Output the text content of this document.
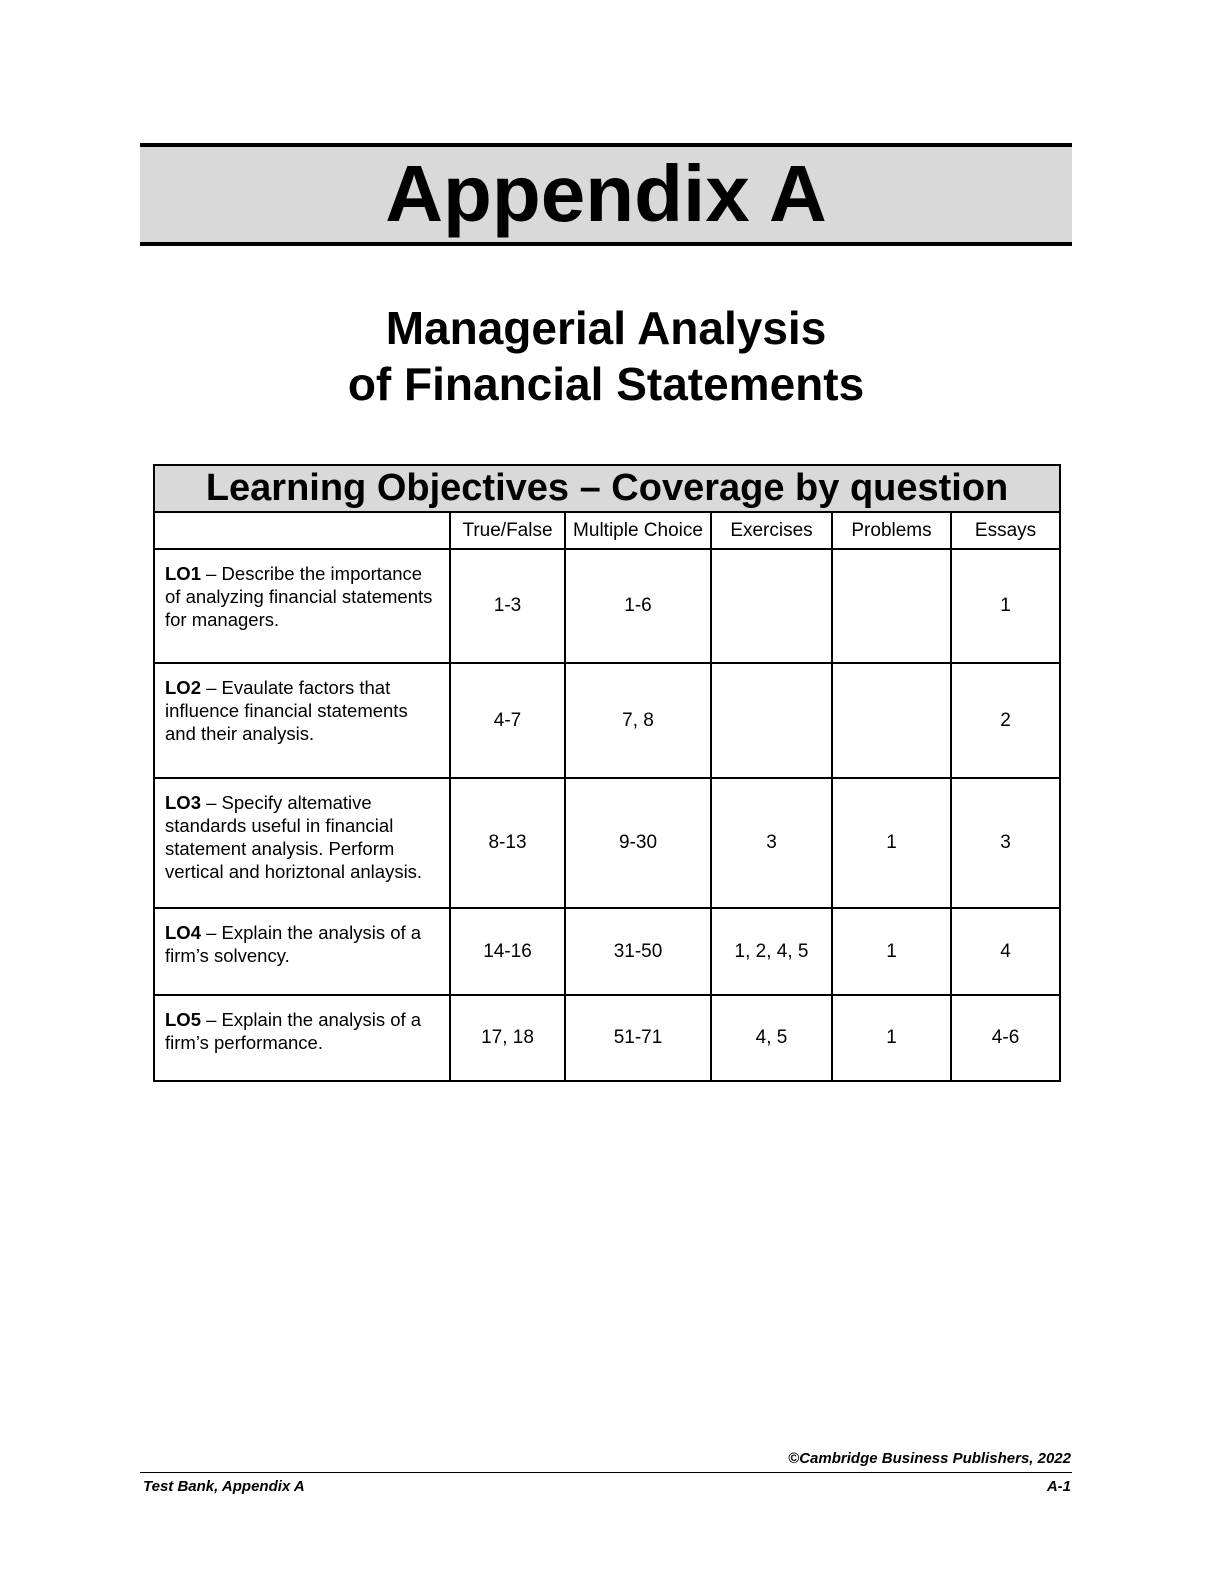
Appendix A
Managerial Analysis
of Financial Statements
Learning Objectives – Coverage by question					
	True/False	Multiple Choice	Exercises	Problems	Essays
LO1 – Describe the importance of analyzing financial statements for managers.	1-3	1-6			1
LO2 – Evaulate factors that influence financial statements and their analysis.	4-7	7, 8			2
LO3 – Specify altemative standards useful in financial statement analysis. Perform vertical and horiztonal anlaysis.	8-13	9-30	3	1	3
LO4 – Explain the analysis of a firm’s solvency.	14-16	31-50	1, 2, 4, 5	1	4
LO5 – Explain the analysis of a firm’s performance.	17, 18	51-71	4, 5	1	4-6
©Cambridge Business Publishers, 2022
Test Bank, Appendix A	A-1
